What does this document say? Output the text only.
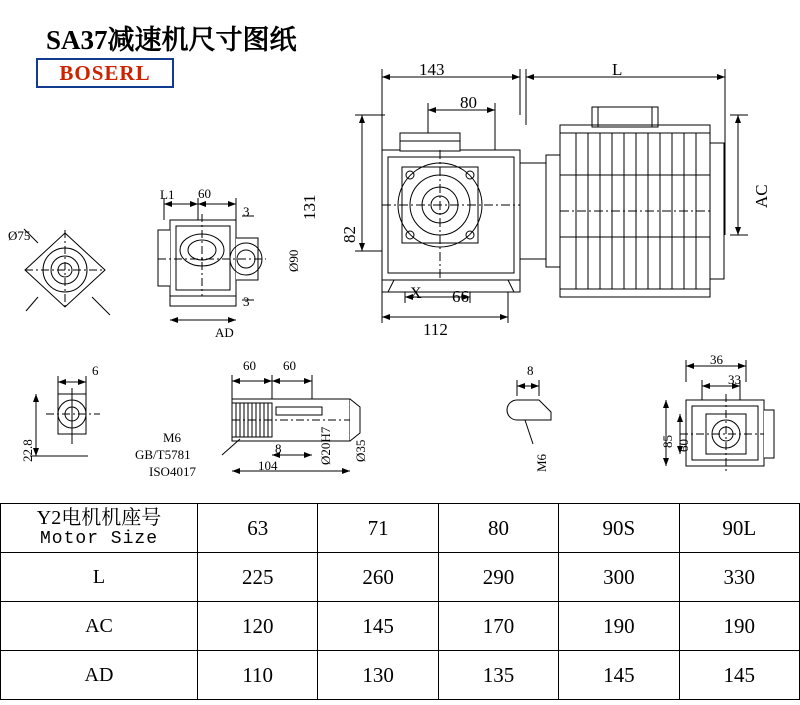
SA37减速机尺寸图纸
BOSERL	143	L
80
131
82
AC
66
112
X
Ø75
L1 60
3
3
Ø90
AD
6
22.8
60 60
M6
GB/T5781
ISO4017
8
104
Ø20H7 Ø35
8
M6
36
33
85 60
Y2电机机座号
Motor Size	63	71	80	90S	90L
L	225	260	290	300	330
AC	120	145	170	190	190
AD	110	130	135	145	145
